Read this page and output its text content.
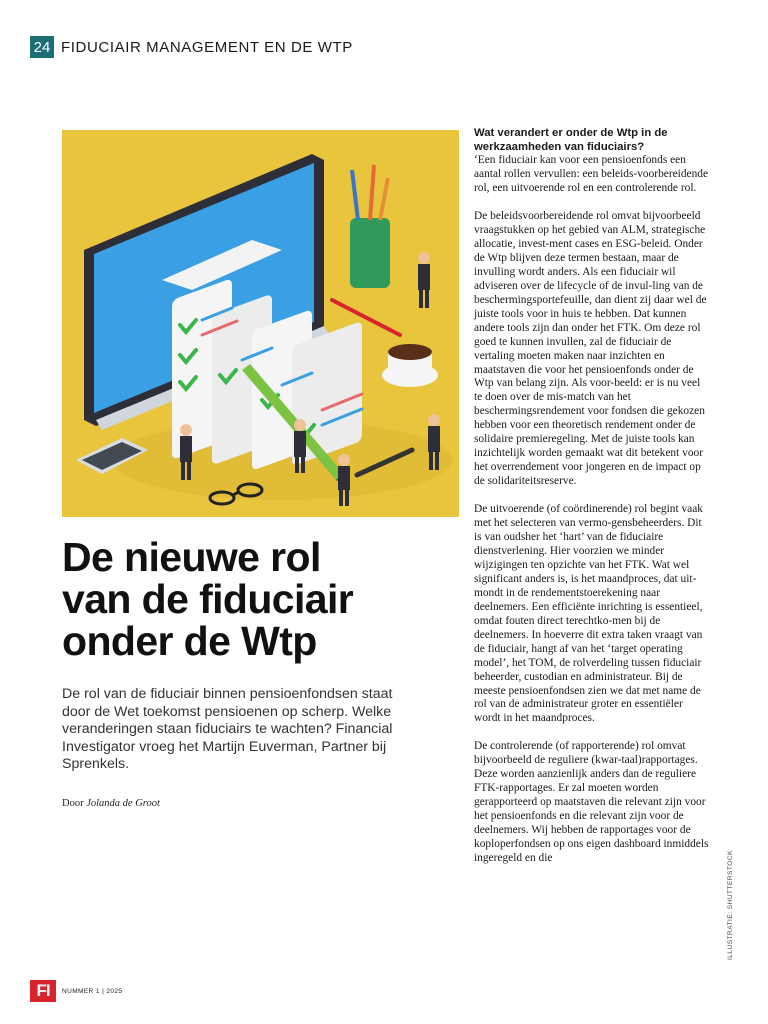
24 FIDUCIAIR MANAGEMENT EN DE WTP
De nieuwe rol
van de fiduciair
onder de Wtp

De rol van de fiduciair binnen pensioenfondsen staat door de Wet toekomst pensioenen op scherp. Welke veranderingen staan fiduciairs te wachten? Financial Investigator vroeg het Martijn Euverman, Partner bij Sprenkels.

Door Jolanda de Groot
Wat verandert er onder de Wtp in de werkzaamheden van fiduciairs?

‘Een fiduciair kan voor een pensioenfonds een aantal rollen vervullen: een beleids-voorbereidende rol, een uitvoerende rol en een controlerende rol.

De beleidsvoorbereidende rol omvat bijvoorbeeld vraagstukken op het gebied van ALM, strategische allocatie, invest-ment cases en ESG-beleid. Onder de Wtp blijven deze termen bestaan, maar de invulling wordt anders. Als een fiduciair wil adviseren over de lifecycle of de invul-ling van de beschermingsportefeuille, dan dient zij daar wel de juiste tools voor in huis te hebben. Dat kunnen andere tools zijn dan onder het FTK. Om deze rol goed te kunnen invullen, zal de fiduciair de vertaling moeten maken naar inzichten en maatstaven die voor het pensioenfonds onder de Wtp van belang zijn. Als voor-beeld: er is nu veel te doen over de mis-match van het beschermingsrendement voor fondsen die gekozen hebben voor een theoretisch rendement onder de solidaire premieregeling. Met de juiste tools kan inzichtelijk worden gemaakt wat dit betekent voor het overrendement voor jongeren en de impact op de solidariteitsreserve.

De uitvoerende (of coördinerende) rol begint vaak met het selecteren van vermo-gensbeheerders. Dit is van oudsher het ‘hart’ van de fiduciaire dienstverlening. Hier voorzien we minder wijzigingen ten opzichte van het FTK. Wat wel significant anders is, is het maandproces, dat uit-mondt in de rendementstoerekening naar deelnemers. Een efficiënte inrichting is essentieel, omdat fouten direct terechtko-men bij de deelnemers. In hoeverre dit extra taken vraagt van de fiduciair, hangt af van het ‘target operating model’, het TOM, de rolverdeling tussen fiduciair beheerder, custodian en administrateur. Bij de meeste pensioenfondsen zien we dat met name de rol van de administrateur groter en essentiëler wordt in het maandproces.

De controlerende (of rapporterende) rol omvat bijvoorbeeld de reguliere (kwar-taal)rapportages. Deze worden aanzienlijk anders dan de reguliere FTK-rapportages. Er zal moeten worden gerapporteerd op maatstaven die relevant zijn voor het pensioenfonds en die relevant zijn voor de deelnemers. Wij hebben de rapportages voor de koploperfondsen op ons eigen dashboard inmiddels ingeregeld en die	ILLUSTRATIE: SHUTTERSTOCK
FI	NUMMER 1 | 2025
